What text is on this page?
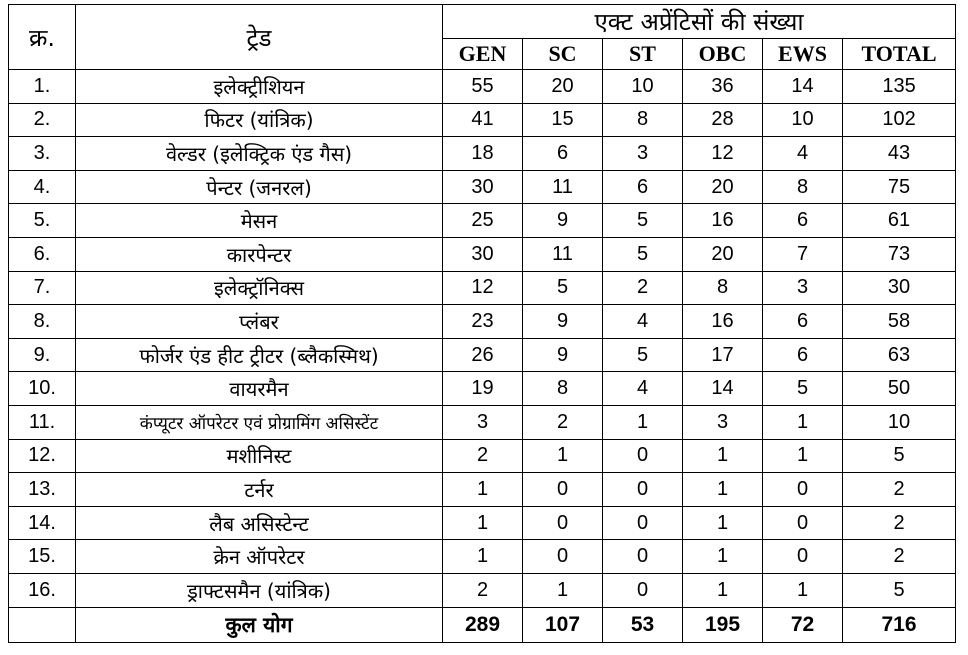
क्र.	ट्रेड	एक्ट अप्रेंटिसों की संख्या					
		GEN	SC	ST	OBC	EWS	TOTAL
1.	इलेक्ट्रीशियन	55	20	10	36	14	135
2.	फिटर (यांत्रिक)	41	15	8	28	10	102
3.	वेल्डर (इलेक्ट्रिक एंड गैस)	18	6	3	12	4	43
4.	पेन्टर (जनरल)	30	11	6	20	8	75
5.	मेसन	25	9	5	16	6	61
6.	कारपेन्टर	30	11	5	20	7	73
7.	इलेक्ट्रॉनिक्स	12	5	2	8	3	30
8.	प्लंबर	23	9	4	16	6	58
9.	फोर्जर एंड हीट ट्रीटर (ब्लैकस्मिथ)	26	9	5	17	6	63
10.	वायरमैन	19	8	4	14	5	50
11.	कंप्यूटर ऑपरेटर एवं प्रोग्रामिंग असिस्टेंट	3	2	1	3	1	10
12.	मशीनिस्ट	2	1	0	1	1	5
13.	टर्नर	1	0	0	1	0	2
14.	लैब असिस्टेन्ट	1	0	0	1	0	2
15.	क्रेन ऑपरेटर	1	0	0	1	0	2
16.	ड्राफ्टसमैन (यांत्रिक)	2	1	0	1	1	5
	कुल योग	289	107	53	195	72	716
